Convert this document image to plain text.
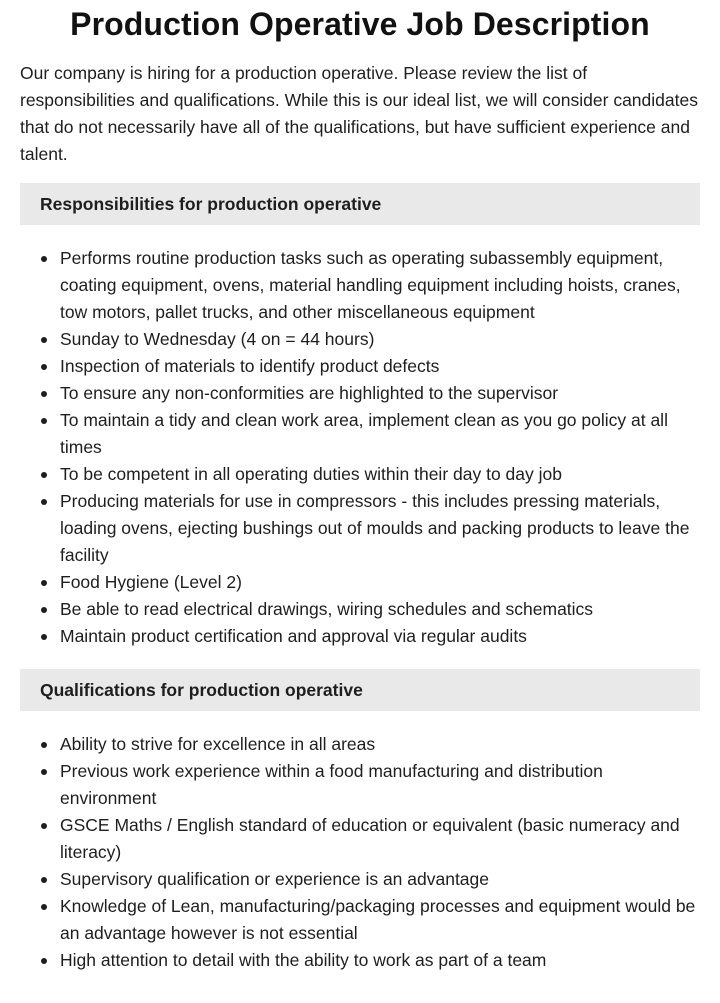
Production Operative Job Description

Our company is hiring for a production operative. Please review the list of responsibilities and qualifications. While this is our ideal list, we will consider candidates that do not necessarily have all of the qualifications, but have sufficient experience and talent.

Responsibilities for production operative
Performs routine production tasks such as operating subassembly equipment, coating equipment, ovens, material handling equipment including hoists, cranes, tow motors, pallet trucks, and other miscellaneous equipment
Sunday to Wednesday (4 on = 44 hours)
Inspection of materials to identify product defects
To ensure any non-conformities are highlighted to the supervisor
To maintain a tidy and clean work area, implement clean as you go policy at all times
To be competent in all operating duties within their day to day job
Producing materials for use in compressors - this includes pressing materials, loading ovens, ejecting bushings out of moulds and packing products to leave the facility
Food Hygiene (Level 2)
Be able to read electrical drawings, wiring schedules and schematics
Maintain product certification and approval via regular audits
Qualifications for production operative
Ability to strive for excellence in all areas
Previous work experience within a food manufacturing and distribution environment
GSCE Maths / English standard of education or equivalent (basic numeracy and literacy)
Supervisory qualification or experience is an advantage
Knowledge of Lean, manufacturing/packaging processes and equipment would be an advantage however is not essential
High attention to detail with the ability to work as part of a team
